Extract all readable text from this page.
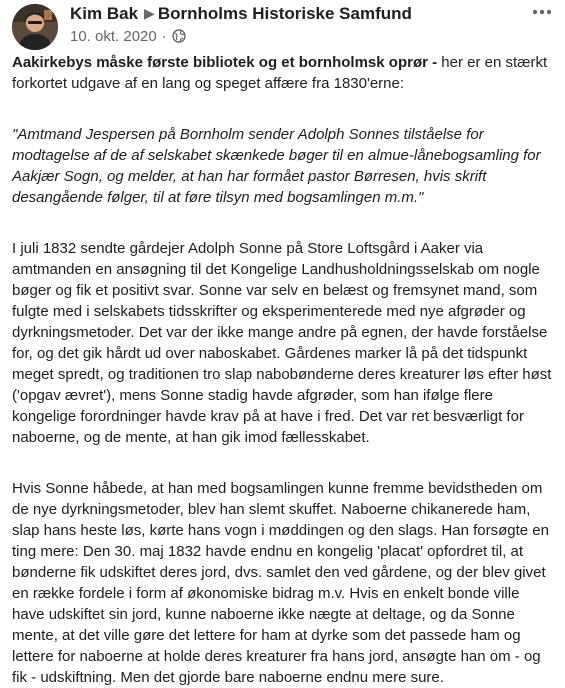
Kim Bak ▶ Bornholms Historiske Samfund
10. okt. 2020 ·

Aakirkebys måske første bibliotek og et bornholmsk oprør - her er en stærkt forkortet udgave af en lang og speget affære fra 1830'erne:

"Amtmand Jespersen på Bornholm sender Adolph Sonnes tilståelse for modtagelse af de af selskabet skænkede bøger til en almue-lånebogsamling for Aakjær Sogn, og melder, at han har formået pastor Børresen, hvis skrift desangående følger, til at føre tilsyn med bogsamlingen m.m."

I juli 1832 sendte gårdejer Adolph Sonne på Store Loftsgård i Aaker via amtmanden en ansøgning til det Kongelige Landhusholdningsselskab om nogle bøger og fik et positivt svar. Sonne var selv en belæst og fremsynet mand, som fulgte med i selskabets tidsskrifter og eksperimenterede med nye afgrøder og dyrkningsmetoder. Det var der ikke mange andre på egnen, der havde forståelse for, og det gik hårdt ud over naboskabet. Gårdenes marker lå på det tidspunkt meget spredt, og traditionen tro slap nabobønderne deres kreaturer løs efter høst ('opgav ævret'), mens Sonne stadig havde afgrøder, som han ifølge flere kongelige forordninger havde krav på at have i fred. Det var ret besværligt for naboerne, og de mente, at han gik imod fællesskabet.

Hvis Sonne håbede, at han med bogsamlingen kunne fremme bevidstheden om de nye dyrkningsmetoder, blev han slemt skuffet. Naboerne chikanerede ham, slap hans heste løs, kørte hans vogn i møddingen og den slags. Han forsøgte en ting mere: Den 30. maj 1832 havde endnu en kongelig 'placat' opfordret til, at bønderne fik udskiftet deres jord, dvs. samlet den ved gårdene, og der blev givet en række fordele i form af økonomiske bidrag m.v. Hvis en enkelt bonde ville have udskiftet sin jord, kunne naboerne ikke nægte at deltage, og da Sonne mente, at det ville gøre det lettere for ham at dyrke som det passede ham og lettere for naboerne at holde deres kreaturer fra hans jord, ansøgte han om - og fik - udskiftning. Men det gjorde bare naboerne endnu mere sure.
